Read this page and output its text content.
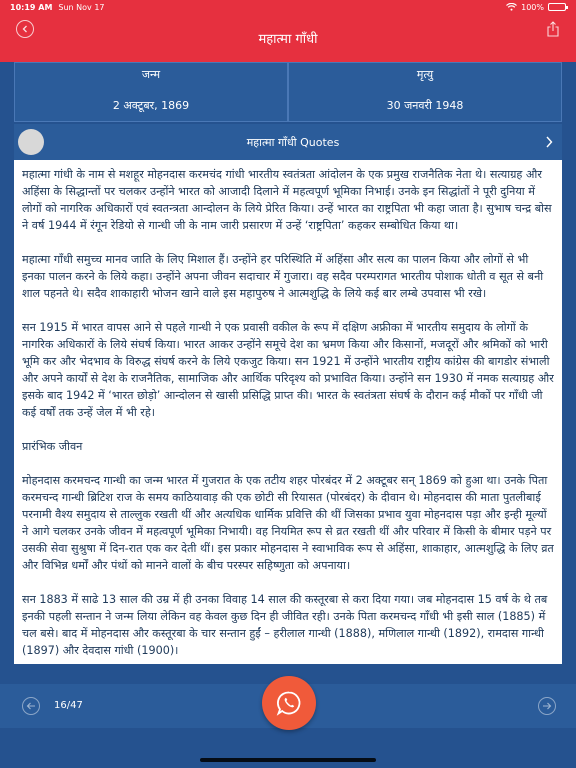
10:19 AM Sun Nov 17	100%
महात्मा गाँधी
जन्म
2 अक्टूबर, 1869
मृत्यु
30 जनवरी 1948
महात्मा गाँधी Quotes

महात्मा गांधी के नाम से मशहूर मोहनदास करमचंद गांधी भारतीय स्वतंत्रता आंदोलन के एक प्रमुख राजनैतिक नेता थे। सत्याग्रह और अहिंसा के सिद्धान्तों पर चलकर उन्होंने भारत को आजादी दिलाने में महत्वपूर्ण भूमिका निभाई। उनके इन सिद्धांतों ने पूरी दुनिया में लोगों को नागरिक अधिकारों एवं स्वतन्त्रता आन्दोलन के लिये प्रेरित किया। उन्हें भारत का राष्ट्रपिता भी कहा जाता है। सुभाष चन्द्र बोस ने वर्ष 1944 में रंगून रेडियो से गान्धी जी के नाम जारी प्रसारण में उन्हें ‘राष्ट्रपिता’ कहकर सम्बोधित किया था।

महात्मा गाँधी समुच्च मानव जाति के लिए मिशाल हैं। उन्होंने हर परिस्थिति में अहिंसा और सत्य का पालन किया और लोगों से भी इनका पालन करने के लिये कहा। उन्होंने अपना जीवन सदाचार में गुजारा। वह सदैव परम्परागत भारतीय पोशाक धोती व सूत से बनी शाल पहनते थे। सदैव शाकाहारी भोजन खाने वाले इस महापुरुष ने आत्मशुद्धि के लिये कई बार लम्बे उपवास भी रखे।

सन 1915 में भारत वापस आने से पहले गान्धी ने एक प्रवासी वकील के रूप में दक्षिण अफ्रीका में भारतीय समुदाय के लोगों के नागरिक अधिकारों के लिये संघर्ष किया। भारत आकर उन्होंने समूचे देश का भ्रमण किया और किसानों, मजदूरों और श्रमिकों को भारी भूमि कर और भेदभाव के विरुद्ध संघर्ष करने के लिये एकजुट किया। सन 1921 में उन्होंने भारतीय राष्ट्रीय कांग्रेस की बागडोर संभाली और अपने कार्यों से देश के राजनैतिक, सामाजिक और आर्थिक परिदृश्य को प्रभावित किया। उन्होंने सन 1930 में नमक सत्याग्रह और इसके बाद 1942 में ‘भारत छोड़ो’ आन्दोलन से खासी प्रसिद्धि प्राप्त की। भारत के स्वतंत्रता संघर्ष के दौरान कई मौकों पर गाँधी जी कई वर्षों तक उन्हें जेल में भी रहे।

प्रारंभिक जीवन

मोहनदास करमचन्द गान्धी का जन्म भारत में गुजरात के एक तटीय शहर पोरबंदर में 2 अक्टूबर सन् 1869 को हुआ था। उनके पिता करमचन्द गान्धी ब्रिटिश राज के समय काठियावाड़ की एक छोटी सी रियासत (पोरबंदर) के दीवान थे। मोहनदास की माता पुतलीबाई परनामी वैश्य समुदाय से ताल्लुक रखती थीं और अत्यधिक धार्मिक प्रवित्ति की थीं जिसका प्रभाव युवा मोहनदास पड़ा और इन्ही मूल्यों ने आगे चलकर उनके जीवन में महत्वपूर्ण भूमिका निभायी। वह नियमित रूप से व्रत रखती थीं और परिवार में किसी के बीमार पड़ने पर उसकी सेवा सुश्रुषा में दिन-रात एक कर देती थीं। इस प्रकार मोहनदास ने स्वाभाविक रूप से अहिंसा, शाकाहार, आत्मशुद्धि के लिए व्रत और विभिन्न धर्मों और पंथों को मानने वालों के बीच परस्पर सहिष्णुता को अपनाया।

सन 1883 में साढे 13 साल की उम्र में ही उनका विवाह 14 साल की कस्तूरबा से करा दिया गया। जब मोहनदास 15 वर्ष के थे तब इनकी पहली सन्तान ने जन्म लिया लेकिन वह केवल कुछ दिन ही जीवित रही। उनके पिता करमचन्द गाँधी भी इसी साल (1885) में चल बसे। बाद में मोहनदास और कस्तूरबा के चार सन्तान हुईं – हरीलाल गान्धी (1888), मणिलाल गान्धी (1892), रामदास गान्धी (1897) और देवदास गांधी (1900)।

16/47
